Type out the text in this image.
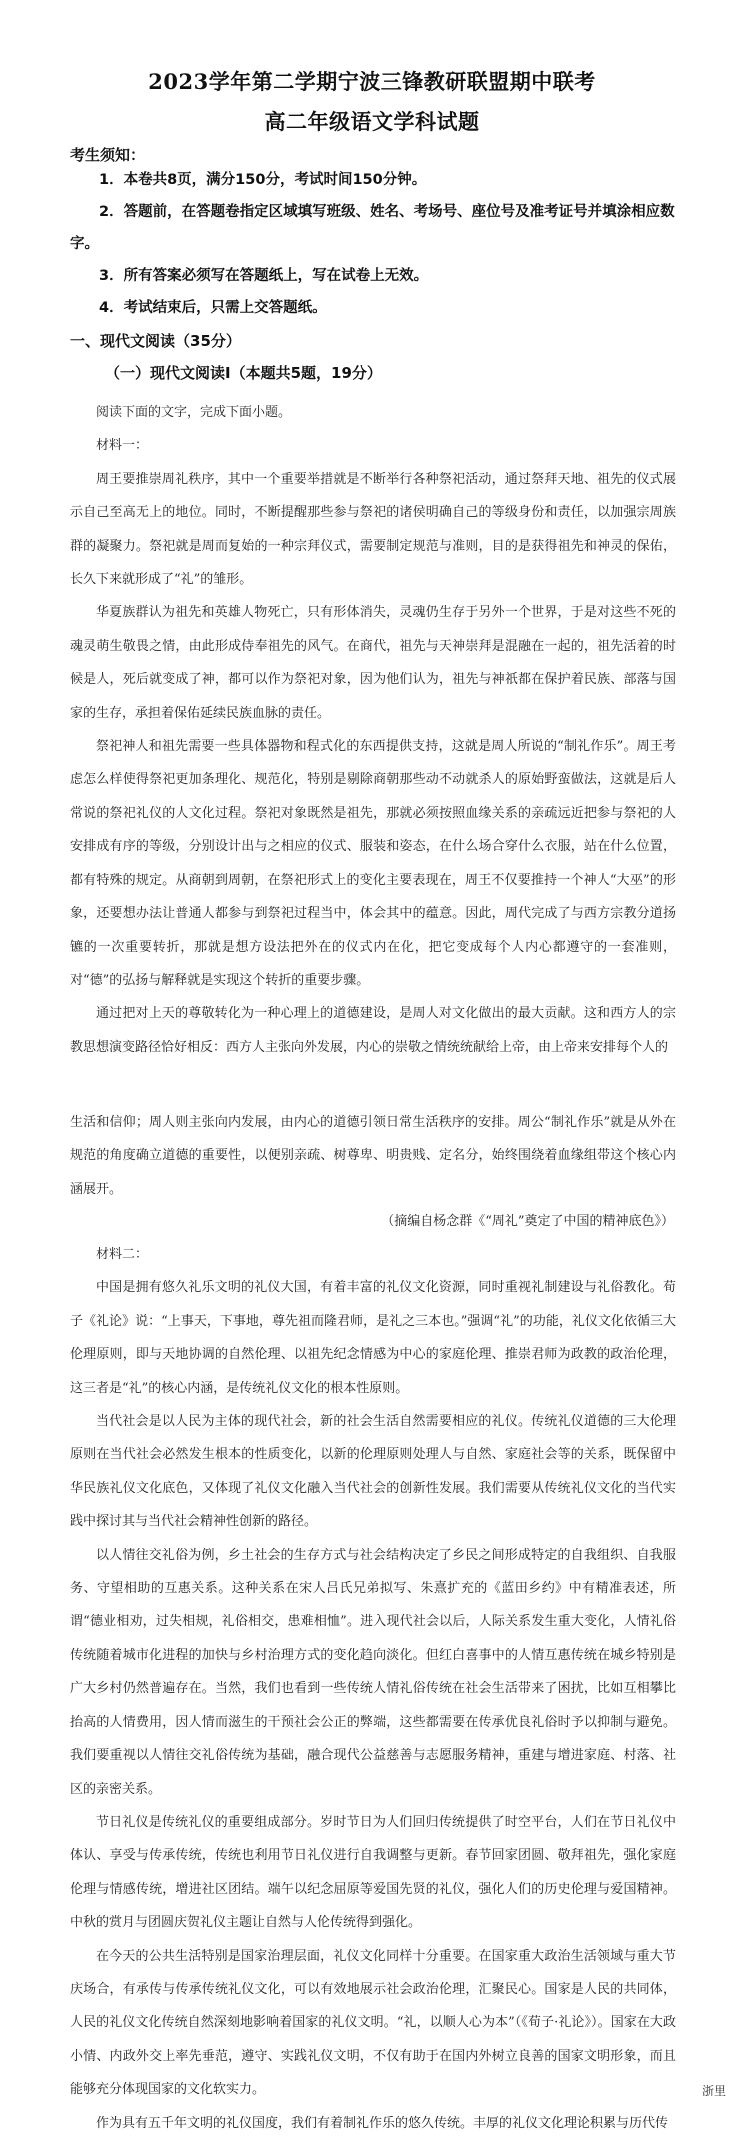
2023学年第二学期宁波三锋教研联盟期中联考
高二年级语文学科试题
考生须知：
1．本卷共8页，满分150分，考试时间150分钟。
2．答题前，在答题卷指定区域填写班级、姓名、考场号、座位号及准考证号并填涂相应数字。
3．所有答案必须写在答题纸上，写在试卷上无效。
4．考试结束后，只需上交答题纸。
一、现代文阅读（35分）
（一）现代文阅读Ⅰ（本题共5题，19分）

阅读下面的文字，完成下面小题。

材料一：

周王要推崇周礼秩序，其中一个重要举措就是不断举行各种祭祀活动，通过祭拜天地、祖先的仪式展示自己至高无上的地位。同时，不断提醒那些参与祭祀的诸侯明确自己的等级身份和责任，以加强宗周族群的凝聚力。祭祀就是周而复始的一种宗拜仪式，需要制定规范与准则，目的是获得祖先和神灵的保佑，长久下来就形成了“礼”的雏形。

华夏族群认为祖先和英雄人物死亡，只有形体消失，灵魂仍生存于另外一个世界，于是对这些不死的魂灵萌生敬畏之情，由此形成侍奉祖先的风气。在商代，祖先与天神崇拜是混融在一起的，祖先活着的时候是人，死后就变成了神，都可以作为祭祀对象，因为他们认为，祖先与神祇都在保护着民族、部落与国家的生存，承担着保佑延续民族血脉的责任。

祭祀神人和祖先需要一些具体器物和程式化的东西提供支持，这就是周人所说的“制礼作乐”。周王考虑怎么样使得祭祀更加条理化、规范化，特别是剔除商朝那些动不动就杀人的原始野蛮做法，这就是后人常说的祭祀礼仪的人文化过程。祭祀对象既然是祖先，那就必须按照血缘关系的亲疏远近把参与祭祀的人安排成有序的等级，分别设计出与之相应的仪式、服装和姿态，在什么场合穿什么衣服，站在什么位置，都有特殊的规定。从商朝到周朝，在祭祀形式上的变化主要表现在，周王不仅要推持一个神人“大巫”的形象，还要想办法让普通人都参与到祭祀过程当中，体会其中的蕴意。因此，周代完成了与西方宗教分道扬镳的一次重要转折，那就是想方设法把外在的仪式内在化，把它变成每个人内心都遵守的一套准则，对“德”的弘扬与解释就是实现这个转折的重要步骤。

通过把对上天的尊敬转化为一种心理上的道德建设，是周人对文化做出的最大贡献。这和西方人的宗教思想演变路径恰好相反：西方人主张向外发展，内心的崇敬之情统统献给上帝，由上帝来安排每个人的

生活和信仰；周人则主张向内发展，由内心的道德引领日常生活秩序的安排。周公“制礼作乐”就是从外在规范的角度确立道德的重要性，以便别亲疏、树尊卑、明贵贱、定名分，始终围绕着血缘组带这个核心内涵展开。

（摘编自杨念群《“周礼”奠定了中国的精神底色》）

材料二：

中国是拥有悠久礼乐文明的礼仪大国，有着丰富的礼仪文化资源，同时重视礼制建设与礼俗教化。荀子《礼论》说：“上事天，下事地，尊先祖而隆君师，是礼之三本也。”强调“礼”的功能，礼仪文化依循三大伦理原则，即与天地协调的自然伦理、以祖先纪念情感为中心的家庭伦理、推崇君师为政教的政治伦理，这三者是“礼”的核心内涵，是传统礼仪文化的根本性原则。

当代社会是以人民为主体的现代社会，新的社会生活自然需要相应的礼仪。传统礼仪道德的三大伦理原则在当代社会必然发生根本的性质变化，以新的伦理原则处理人与自然、家庭社会等的关系，既保留中华民族礼仪文化底色，又体现了礼仪文化融入当代社会的创新性发展。我们需要从传统礼仪文化的当代实践中探讨其与当代社会精神性创新的路径。

以人情往交礼俗为例，乡土社会的生存方式与社会结构决定了乡民之间形成特定的自我组织、自我服务、守望相助的互惠关系。这种关系在宋人吕氏兄弟拟写、朱熹扩充的《蓝田乡约》中有精准表述，所谓“德业相劝，过失相规，礼俗相交，患难相恤”。进入现代社会以后，人际关系发生重大变化，人情礼俗传统随着城市化进程的加快与乡村治理方式的变化趋向淡化。但红白喜事中的人情互惠传统在城乡特别是广大乡村仍然普遍存在。当然，我们也看到一些传统人情礼俗传统在社会生活带来了困扰，比如互相攀比抬高的人情费用，因人情而滋生的干预社会公正的弊端，这些都需要在传承优良礼俗时予以抑制与避免。我们要重视以人情往交礼俗传统为基础，融合现代公益慈善与志愿服务精神，重建与增进家庭、村落、社区的亲密关系。

节日礼仪是传统礼仪的重要组成部分。岁时节日为人们回归传统提供了时空平台，人们在节日礼仪中体认、享受与传承传统，传统也利用节日礼仪进行自我调整与更新。春节回家团圆、敬拜祖先，强化家庭伦理与情感传统，增进社区团结。端午以纪念屈原等爱国先贤的礼仪，强化人们的历史伦理与爱国精神。中秋的赏月与团圆庆贺礼仪主题让自然与人伦传统得到强化。

在今天的公共生活特别是国家治理层面，礼仪文化同样十分重要。在国家重大政治生活领域与重大节庆场合，有承传与传承传统礼仪文化，可以有效地展示社会政治伦理，汇聚民心。国家是人民的共同体，人民的礼仪文化传统自然深刻地影响着国家的礼仪文明。“礼，以顺人心为本”（《荀子·礼论》）。国家在大政小情、内政外交上率先垂范，遵守、实践礼仪文明，不仅有助于在国内外树立良善的国家文明形象，而且能够充分体现国家的文化软实力。

作为具有五千年文明的礼仪国度，我们有着制礼作乐的悠久传统。丰厚的礼仪文化理论积累与历代传

浙里
